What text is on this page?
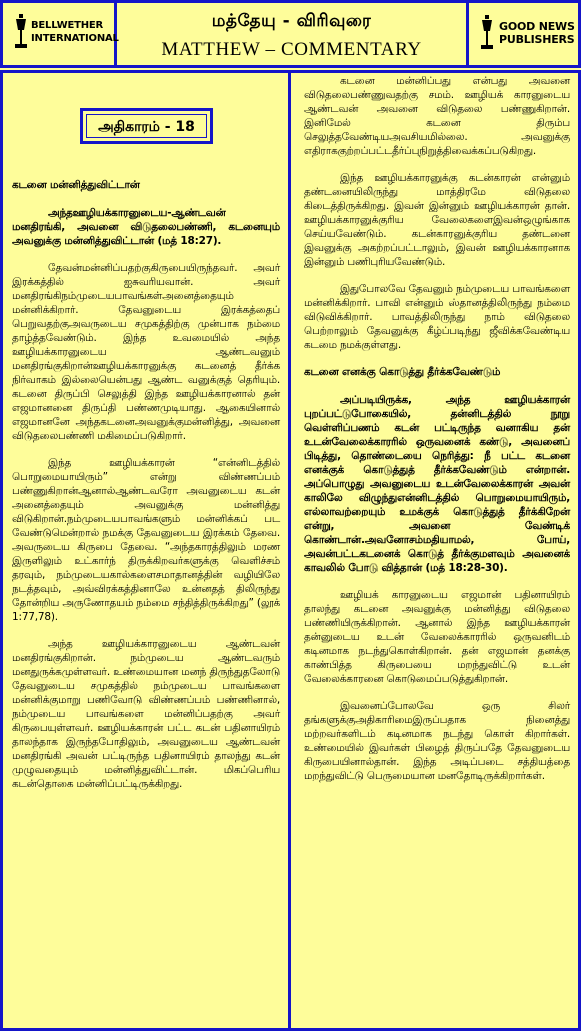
BELLWETHER
INTERNATIONAL
மத்தேயு - விரிவுரை
MATTHEW – COMMENTARY
GOOD NEWS
PUBLISHERS
அதிகாரம் - 18

கடனை மன்னித்துவிட்டான்

அந்தஊழியக்காரனுடைய-ஆண்டவன் மனதிரங்கி, அவனை விடுதலைபண்ணி, கடனையும் அவனுக்கு மன்னித்துவிட்டான் (மத் 18:27).

தேவன்மன்னிப்பதற்குகிருபையிருந்தவர். அவர் இரக்கத்தில் ஐசுவரியவான். அவர் மனதிரங்கிநம்முடையபாவங்கள்அனைத்தையும் மன்னிக்கிறார். தேவனுடைய இரக்கத்தைப் பெறுவதற்குஅவருடைய சமுகத்திற்கு முன்பாக நம்மை தாழ்த்தவேண்டும். இந்த உவமையில் அந்த ஊழியக்காரனுடைய ஆண்டவனும் மனதிரங்குகிறான்ஊழியக்காரனுக்கு கடனைத் தீர்க்க நிர்வாகம் இல்லையென்பது ஆண்ட வனுக்குத் தெரியும். கடனை திருப்பி செலுத்தி இந்த ஊழியக்காரனால் தன் எஜமானனை திருப்தி பண்ணமுடியாது. ஆகையினால் எஜமானனே அந்தகடனைஅவனுக்குமன்னித்து, அவனை விடுதலைபண்ணி மகிமைப்படுகிறார்.

இந்த ஊழியக்காரன் “என்னிடத்தில் பொறுமையாயிரும்” என்று விண்ணப்பம் பண்ணுகிறான்ஆனால்ஆண்டவரோ அவனுடைய கடன் அனைத்தையும் அவனுக்கு மன்னித்து விடுகிறான்.நம்முடையபாவங்களும் மன்னிக்கப் பட வேண்டுமென்றால் நமக்கு தேவனுடைய இரக்கம் தேவை. அவருடைய கிருபை தேவை. “அந்தகாரத்திலும் மரண இருளிலும் உட்கார்ந் திருக்கிறவர்களுக்கு வெளிச்சம் தரவும், நம்முடையகால்களைசமாதானத்தின் வழியிலே நடத்தவும், அவ்விரக்கத்தினாலே உன்னதத் திலிருந்து தோன்றிய அருணோதயம் நம்மை சந்தித்திருக்கிறது” (லூக் 1:77,78).

அந்த ஊழியக்காரனுடைய ஆண்டவன் மனதிரங்குகிறான். நம்முடைய ஆண்டவரும் மனதுருக்கமுள்ளவர். உண்மையான மனந் திருந்துதலோடு தேவனுடைய சமுகத்தில் நம்முடைய பாவங்களை மன்னிக்குமாறு பணிவோடு விண்ணப்பம் பண்ணினால், நம்முடைய பாவங்களை மன்னிப்பதற்கு அவர் கிருபையுள்ளவர். ஊழியக்காரன் பட்ட கடன் பதினாயிரம் தாலந்தாக இருந்தபோதிலும், அவனுடைய ஆண்டவன் மனதிரங்கி அவன் பட்டிருந்த பதினாயிரம் தாலந்து கடன் முழுவதையும் மன்னித்துவிட்டான். மிகப்பெரிய கடன்தொகை மன்னிப்பட்டிருக்கிறது.

கடனை மன்னிப்பது என்பது அவனை விடுதலைபண்ணுவதற்கு சமம். ஊழியக் காரனுடைய ஆண்டவன் அவனை விடுதலை பண்ணுகிறான். இனிமேல் கடனை திரும்ப செலுத்தவேண்டியஅவசியமில்லை. அவனுக்கு எதிராககுற்றப்பட்டதீர்ப்புநிறுத்திவைக்கப்படுகிறது.

இந்த ஊழியக்காரனுக்கு கடன்காரன் என்னும் தண்டனையிலிருந்து மாத்திரமே விடுதலை கிடைத்திருக்கிறது. இவன் இன்னும் ஊழியக்காரன் தான். ஊழியக்காரனுக்குரிய வேலைகளைஇவன்ஒழுங்காக செய்யவேண்டும். கடன்காரனுக்குரிய தண்டனை இவனுக்கு அகற்றப்பட்டாலும், இவன் ஊழியக்காரனாக இன்னும் பணிபுரியவேண்டும்.

இதுபோலவே தேவனும் நம்முடைய பாவங்களை மன்னிக்கிறார். பாவி என்னும் ஸ்தானத்திலிருந்து நம்மை விடுவிக்கிறார். பாவத்திலிருந்து நாம் விடுதலை பெற்றாலும் தேவனுக்கு கீழ்ப்படிந்து ஜீவிக்கவேண்டிய கடமை நமக்குள்ளது.

கடனை எனக்கு கொடுத்து தீர்க்கவேண்டும்

அப்படியிருக்க, அந்த ஊழியக்காரன் புறப்பட்டுபோகையில், தன்னிடத்தில் நூறு வெள்ளிப்பணம் கடன் பட்டிருந்த வனாகிய தன் உடன்வேலைக்காரரில் ஒருவனைக் கண்டு, அவனைப் பிடித்து, தொண்டையை நெரித்து: நீ பட்ட கடனை எனக்குக் கொடுத்துத் தீர்க்கவேண்டும் என்றான். அப்பொழுது அவனுடைய உடன்வேலைக்காரன் அவன் காலிலே விழுந்துஎன்னிடத்தில் பொறுமையாயிரும், எல்லாவற்றையும் உமக்குக் கொடுத்துத் தீர்க்கிறேன் என்று, அவனை வேண்டிக் கொண்டான்.அவனோசம்மதியாமல், போய், அவன்பட்டகடனைக் கொடுத் தீர்க்குமளவும் அவனைக் காவலில் போடு வித்தான் (மத் 18:28-30).

ஊழியக் காரனுடைய எஜமான் பதினாயிரம் தாலந்து கடனை அவனுக்கு மன்னித்து விடுதலை பண்ணியிருக்கிறான். ஆனால் இந்த ஊழியக்காரன் தன்னுடைய உடன் வேலைக்காரரில் ஒருவனிடம் கடினமாக நடந்துகொள்கிறான். தன் எஜமான் தனக்கு காண்பித்த கிருபையை மறந்துவிட்டு உடன் வேலைக்காரனை கொடுமைப்படுத்துகிறான்.

இவனைப்போலவே ஒரு சிலர் தங்களுக்குஅதிகாரிமைஇருப்பதாக நினைத்து மற்றவர்களிடம் கடினமாக நடந்து கொள் கிறார்கள். உண்மையில் இவர்கள் பிழைத் திருப்பதே தேவனுடைய கிருபையினால்தான். இந்த அடிப்படை சத்தியத்தை மறந்துவிட்டு பெருமையான மனதோடிருக்கிறார்கள்.
